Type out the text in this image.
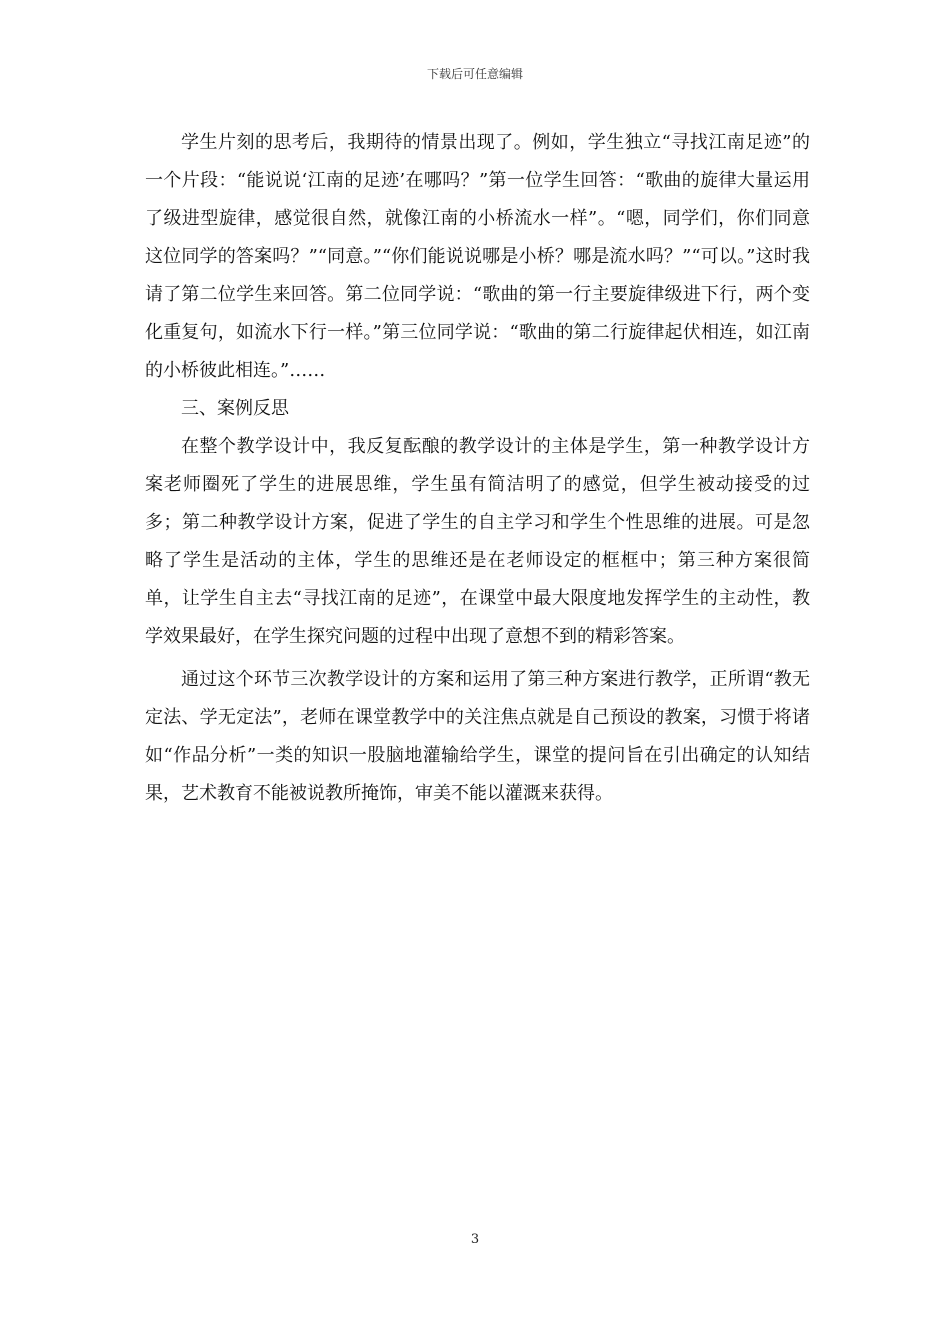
下载后可任意编辑

学生片刻的思考后，我期待的情景出现了。例如，学生独立“寻找江南足迹”的一个片段：“能说说‘江南的足迹’在哪吗？”第一位学生回答：“歌曲的旋律大量运用了级进型旋律，感觉很自然，就像江南的小桥流水一样”。“嗯，同学们，你们同意这位同学的答案吗？”“同意。”“你们能说说哪是小桥？哪是流水吗？”“可以。”这时我请了第二位学生来回答。第二位同学说：“歌曲的第一行主要旋律级进下行，两个变化重复句，如流水下行一样。”第三位同学说：“歌曲的第二行旋律起伏相连，如江南的小桥彼此相连。”……

三、案例反思

在整个教学设计中，我反复酝酿的教学设计的主体是学生，第一种教学设计方案老师圈死了学生的进展思维，学生虽有简洁明了的感觉，但学生被动接受的过多；第二种教学设计方案，促进了学生的自主学习和学生个性思维的进展。可是忽略了学生是活动的主体，学生的思维还是在老师设定的框框中；第三种方案很简单，让学生自主去“寻找江南的足迹”，在课堂中最大限度地发挥学生的主动性，教学效果最好，在学生探究问题的过程中出现了意想不到的精彩答案。

通过这个环节三次教学设计的方案和运用了第三种方案进行教学，正所谓“教无定法、学无定法”，老师在课堂教学中的关注焦点就是自己预设的教案，习惯于将诸如“作品分析”一类的知识一股脑地灌输给学生，课堂的提问旨在引出确定的认知结果，艺术教育不能被说教所掩饰，审美不能以灌溉来获得。

3
